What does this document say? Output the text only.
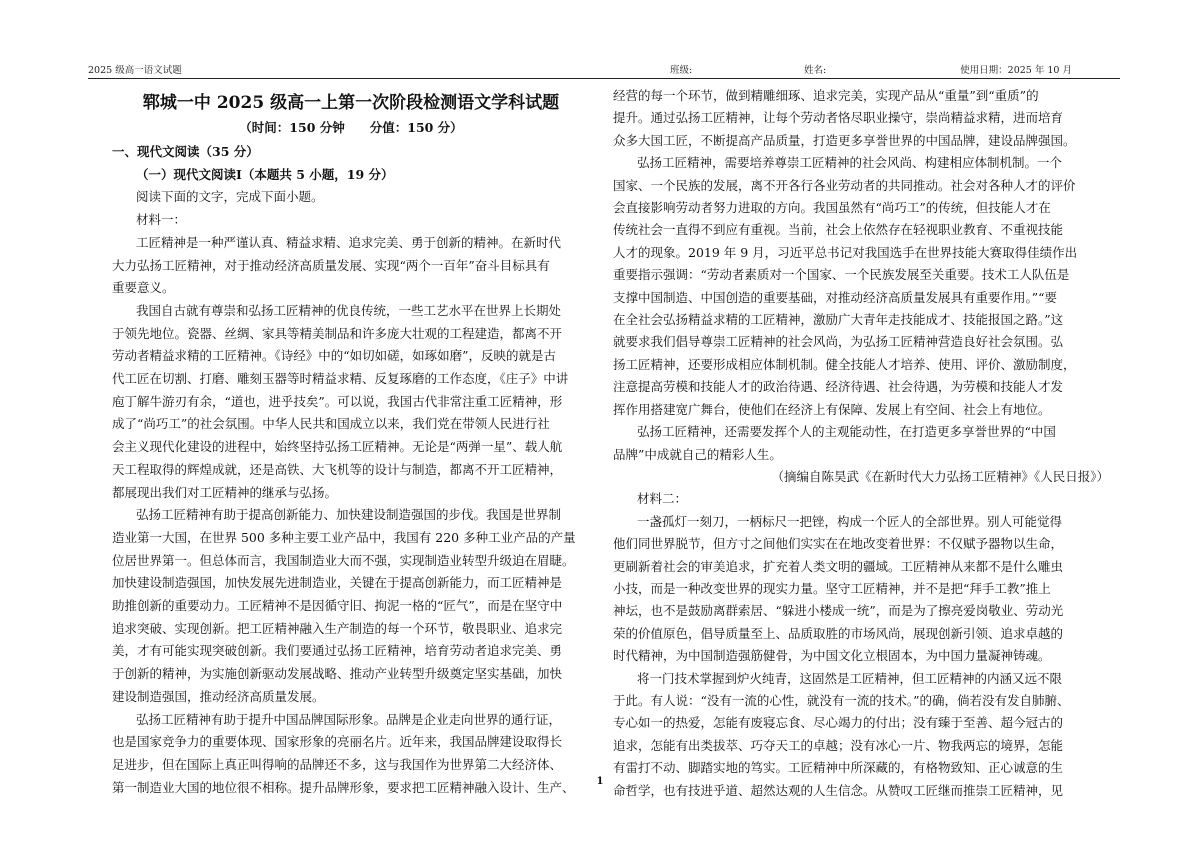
2025 级高一语文试题	班级:	姓名:	使用日期：2025 年 10 月
郓城一中 2025 级高一上第一次阶段检测语文学科试题
（时间：150 分钟　　分值：150 分）
一、现代文阅读（35 分）
（一）现代文阅读Ⅰ（本题共 5 小题，19 分）
阅读下面的文字，完成下面小题。
材料一：
工匠精神是一种严谨认真、精益求精、追求完美、勇于创新的精神。在新时代
大力弘扬工匠精神，对于推动经济高质量发展、实现“两个一百年”奋斗目标具有
重要意义。
我国自古就有尊崇和弘扬工匠精神的优良传统，一些工艺水平在世界上长期处
于领先地位。瓷器、丝绸、家具等精美制品和许多庞大壮观的工程建造，都离不开
劳动者精益求精的工匠精神。《诗经》中的“如切如磋，如琢如磨”，反映的就是古
代工匠在切割、打磨、雕刻玉器等时精益求精、反复琢磨的工作态度，《庄子》中讲
庖丁解牛游刃有余，“道也，进乎技矣”。可以说，我国古代非常注重工匠精神，形
成了“尚巧工”的社会氛围。中华人民共和国成立以来，我们党在带领人民进行社
会主义现代化建设的进程中，始终坚持弘扬工匠精神。无论是“两弹一星”、载人航
天工程取得的辉煌成就，还是高铁、大飞机等的设计与制造，都离不开工匠精神，
都展现出我们对工匠精神的继承与弘扬。
弘扬工匠精神有助于提高创新能力、加快建设制造强国的步伐。我国是世界制
造业第一大国，在世界 500 多种主要工业产品中，我国有 220 多种工业产品的产量
位居世界第一。但总体而言，我国制造业大而不强，实现制造业转型升级迫在眉睫。
加快建设制造强国，加快发展先进制造业，关键在于提高创新能力，而工匠精神是
助推创新的重要动力。工匠精神不是因循守旧、拘泥一格的“匠气”，而是在坚守中
追求突破、实现创新。把工匠精神融入生产制造的每一个环节，敬畏职业、追求完
美，才有可能实现突破创新。我们要通过弘扬工匠精神，培育劳动者追求完美、勇
于创新的精神，为实施创新驱动发展战略、推动产业转型升级奠定坚实基础，加快
建设制造强国，推动经济高质量发展。
弘扬工匠精神有助于提升中国品牌国际形象。品牌是企业走向世界的通行证，
也是国家竞争力的重要体现、国家形象的亮丽名片。近年来，我国品牌建设取得长
足进步，但在国际上真正叫得响的品牌还不多，这与我国作为世界第二大经济体、
第一制造业大国的地位很不相称。提升品牌形象，要求把工匠精神融入设计、生产、
经营的每一个环节，做到精雕细琢、追求完美，实现产品从“重量”到“重质”的
提升。通过弘扬工匠精神，让每个劳动者恪尽职业操守，崇尚精益求精，进而培育
众多大国工匠，不断提高产品质量，打造更多享誉世界的中国品牌，建设品牌强国。
弘扬工匠精神，需要培养尊崇工匠精神的社会风尚、构建相应体制机制。一个
国家、一个民族的发展，离不开各行各业劳动者的共同推动。社会对各种人才的评价
会直接影响劳动者努力进取的方向。我国虽然有“尚巧工”的传统，但技能人才在
传统社会一直得不到应有重视。当前，社会上依然存在轻视职业教育、不重视技能
人才的现象。2019 年 9 月，习近平总书记对我国选手在世界技能大赛取得佳绩作出
重要指示强调：“劳动者素质对一个国家、一个民族发展至关重要。技术工人队伍是
支撑中国制造、中国创造的重要基础，对推动经济高质量发展具有重要作用。”“要
在全社会弘扬精益求精的工匠精神，激励广大青年走技能成才、技能报国之路。”这
就要求我们倡导尊崇工匠精神的社会风尚，为弘扬工匠精神营造良好社会氛围。弘
扬工匠精神，还要形成相应体制机制。健全技能人才培养、使用、评价、激励制度，
注意提高劳模和技能人才的政治待遇、经济待遇、社会待遇，为劳模和技能人才发
挥作用搭建宽广舞台，使他们在经济上有保障、发展上有空间、社会上有地位。
弘扬工匠精神，还需要发挥个人的主观能动性，在打造更多享誉世界的“中国
品牌”中成就自己的精彩人生。
（摘编自陈昊武《在新时代大力弘扬工匠精神》《人民日报》）
材料二：
一盏孤灯一刻刀，一柄标尺一把锉，构成一个匠人的全部世界。别人可能觉得
他们同世界脱节，但方寸之间他们实实在在地改变着世界：不仅赋予器物以生命，
更刷新着社会的审美追求，扩充着人类文明的疆域。工匠精神从来都不是什么雕虫
小技，而是一种改变世界的现实力量。坚守工匠精神，并不是把“拜手工教”推上
神坛，也不是鼓励离群索居、“躲进小楼成一统”，而是为了擦亮爱岗敬业、劳动光
荣的价值原色，倡导质量至上、品质取胜的市场风尚，展现创新引领、追求卓越的
时代精神，为中国制造强筋健骨，为中国文化立根固本，为中国力量凝神铸魂。
将一门技术掌握到炉火纯青，这固然是工匠精神，但工匠精神的内涵又远不限
于此。有人说：“没有一流的心性，就没有一流的技术。”的确，倘若没有发自肺腑、
专心如一的热爱，怎能有废寝忘食、尽心竭力的付出；没有臻于至善、超今冠古的
追求，怎能有出类拔萃、巧夺天工的卓越；没有冰心一片、物我两忘的境界，怎能
有雷打不动、脚踏实地的笃实。工匠精神中所深藏的，有格物致知、正心诚意的生
命哲学，也有技进乎道、超然达观的人生信念。从赞叹工匠继而推崇工匠精神，见
1
